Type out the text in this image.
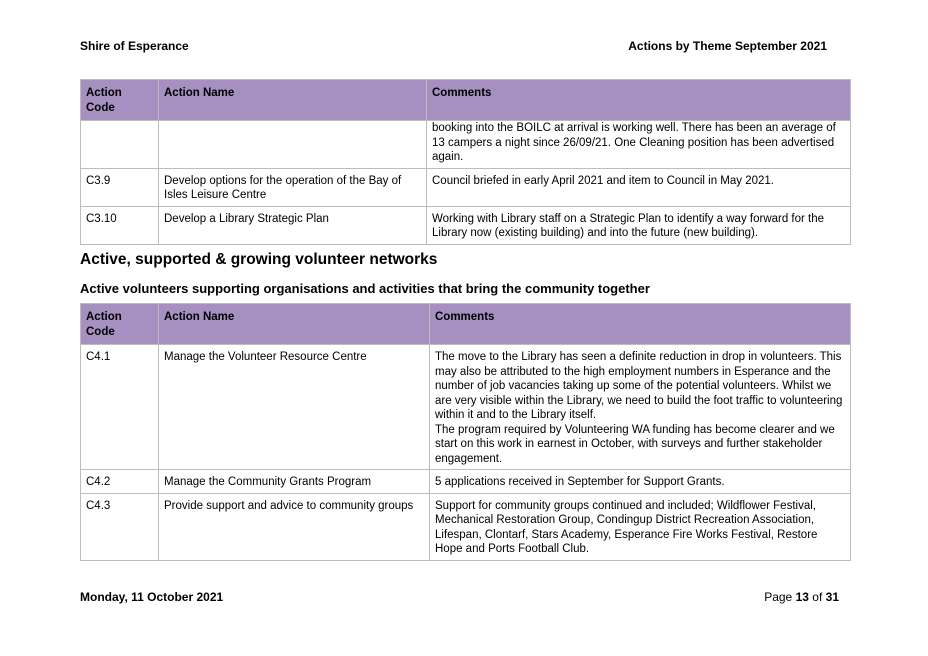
Shire of Esperance	Actions by Theme September 2021
Action Code	Action Name	Comments
		booking into the BOILC at arrival is working well. There has been an average of 13 campers a night since 26/09/21. One Cleaning position has been advertised again.
C3.9	Develop options for the operation of the Bay of Isles Leisure Centre	Council briefed in early April 2021 and item to Council in May 2021.
C3.10	Develop a Library Strategic Plan	Working with Library staff on a Strategic Plan to identify a way forward for the Library now (existing building) and into the future (new building).
Active, supported & growing volunteer networks
Active volunteers supporting organisations and activities that bring the community together
Action Code	Action Name	Comments
C4.1	Manage the Volunteer Resource Centre	The move to the Library has seen a definite reduction in drop in volunteers. This may also be attributed to the high employment numbers in Esperance and the number of job vacancies taking up some of the potential volunteers. Whilst we are very visible within the Library, we need to build the foot traffic to volunteering within it and to the Library itself.
The program required by Volunteering WA funding has become clearer and we start on this work in earnest in October, with surveys and further stakeholder engagement.

C4.2	Manage the Community Grants Program	5 applications received in September for Support Grants.
C4.3	Provide support and advice to community groups	Support for community groups continued and included; Wildflower Festival, Mechanical Restoration Group, Condingup District Recreation Association, Lifespan, Clontarf, Stars Academy, Esperance Fire Works Festival, Restore Hope and Ports Football Club.
Monday, 11 October 2021	Page 13 of 31
